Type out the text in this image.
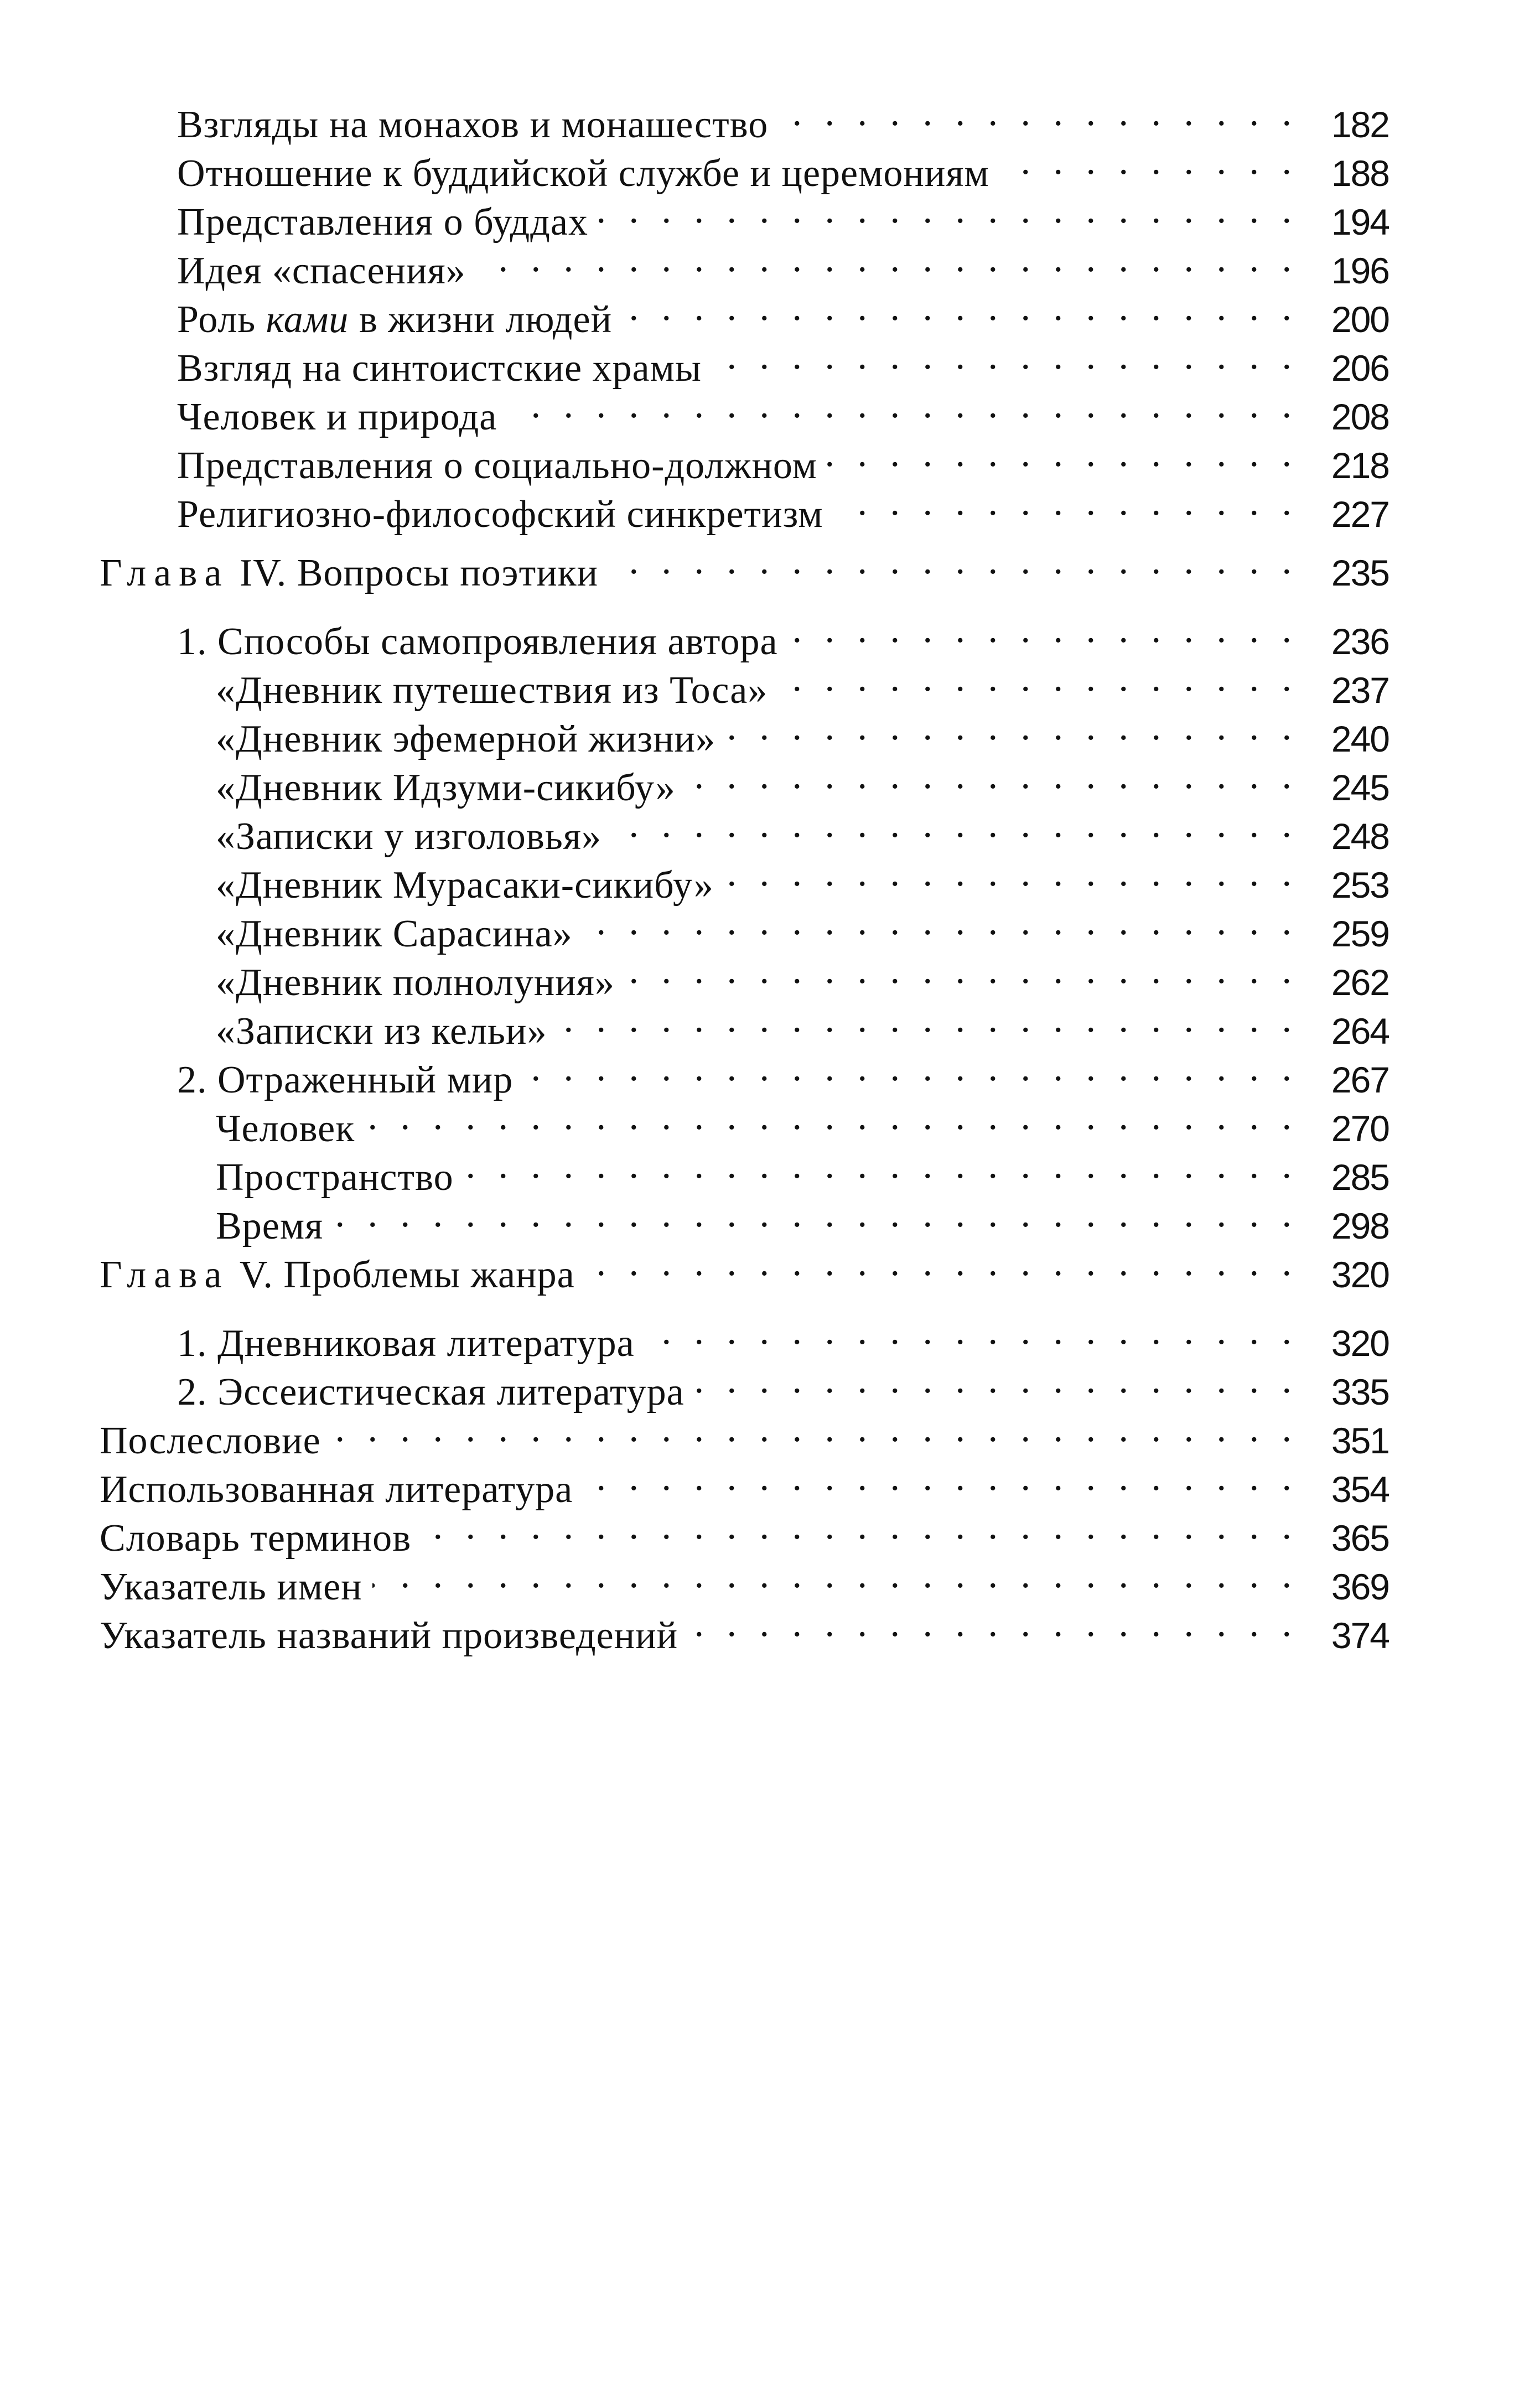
Взгляды на монахов и монашество . .	182
Отношение к буддийской службе и церемониям . .	188
Представления о буддах . .	194
Идея «спасения» . .	196
Роль ками в жизни людей . .	200
Взгляд на синтоистские храмы . .	206
Человек и природа . .	208
Представления о социально-должном . .	218
Религиозно-философский синкретизм . .	227
Глава IV. Вопросы поэтики . .	235
1. Способы самопроявления автора . .	236
«Дневник путешествия из Тоса» . .	237
«Дневник эфемерной жизни» . .	240
«Дневник Идзуми-сикибу» . .	245
«Записки у изголовья» . .	248
«Дневник Мурасаки-сикибу» . .	253
«Дневник Сарасина» . .	259
«Дневник полнолуния» . .	262
«Записки из кельи» . .	264
2. Отраженный мир . .	267
Человек . .	270
Пространство . .	285
Время . .	298
Глава V. Проблемы жанра . .	320
1. Дневниковая литература . .	320
2. Эссеистическая литература . .	335
Послесловие . .	351
Использованная литература . .	354
Словарь терминов . .	365
Указатель имен . .	369
Указатель названий произведений . .	374
